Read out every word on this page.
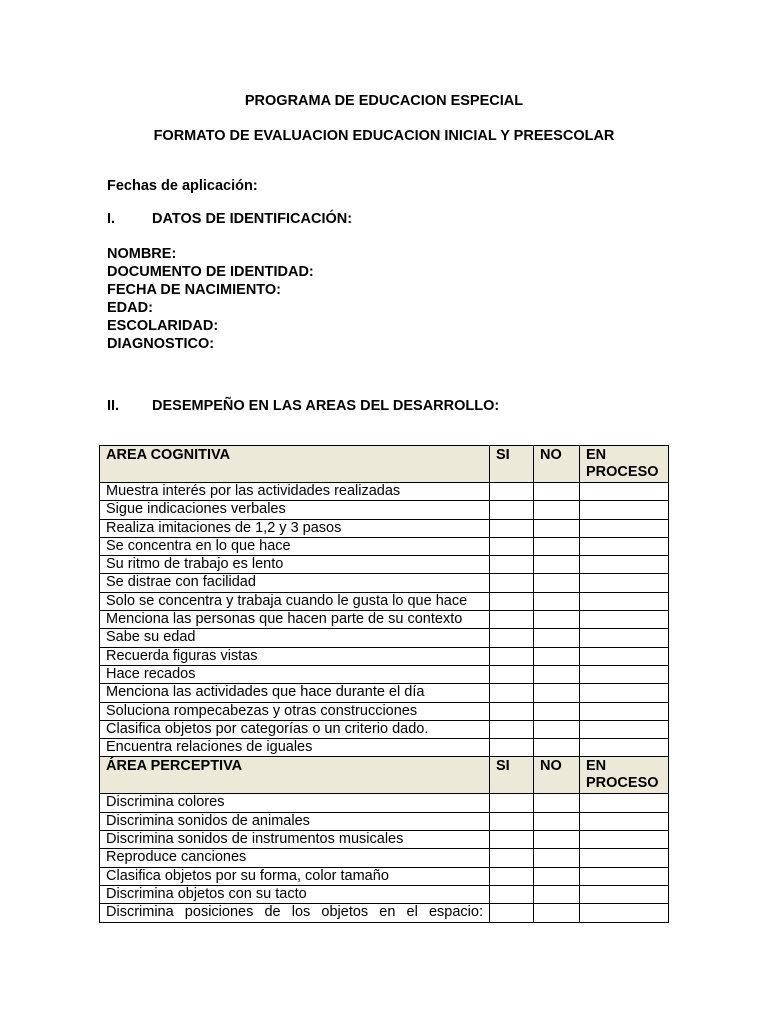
PROGRAMA DE EDUCACION ESPECIAL
FORMATO DE EVALUACION EDUCACION INICIAL Y PREESCOLAR
Fechas de aplicación:
I.	DATOS DE IDENTIFICACIÓN:
NOMBRE:
DOCUMENTO DE IDENTIDAD:
FECHA DE NACIMIENTO:
EDAD:
ESCOLARIDAD:
DIAGNOSTICO:
II. DESEMPEÑO EN LAS AREAS DEL DESARROLLO:
AREA COGNITIVA	SI	NO	EN PROCESO
Muestra interés por las actividades realizadas			
Sigue indicaciones verbales			
Realiza imitaciones de 1,2 y 3 pasos			
Se concentra en lo que hace			
Su ritmo de trabajo es lento			
Se distrae con facilidad			
Solo se concentra y trabaja cuando le gusta lo que hace			
Menciona las personas que hacen parte de su contexto			
Sabe su edad			
Recuerda figuras vistas			
Hace recados			
Menciona las actividades que hace durante el día			
Soluciona rompecabezas y otras construcciones			
Clasifica objetos por categorías o un criterio dado.			
Encuentra relaciones de iguales			
ÁREA PERCEPTIVA	SI	NO	EN PROCESO
Discrimina colores			
Discrimina sonidos de animales			
Discrimina sonidos de instrumentos musicales			
Reproduce canciones			
Clasifica objetos por su forma, color tamaño			
Discrimina objetos con su tacto			

Discrimina posiciones de los objetos en el espacio:			
